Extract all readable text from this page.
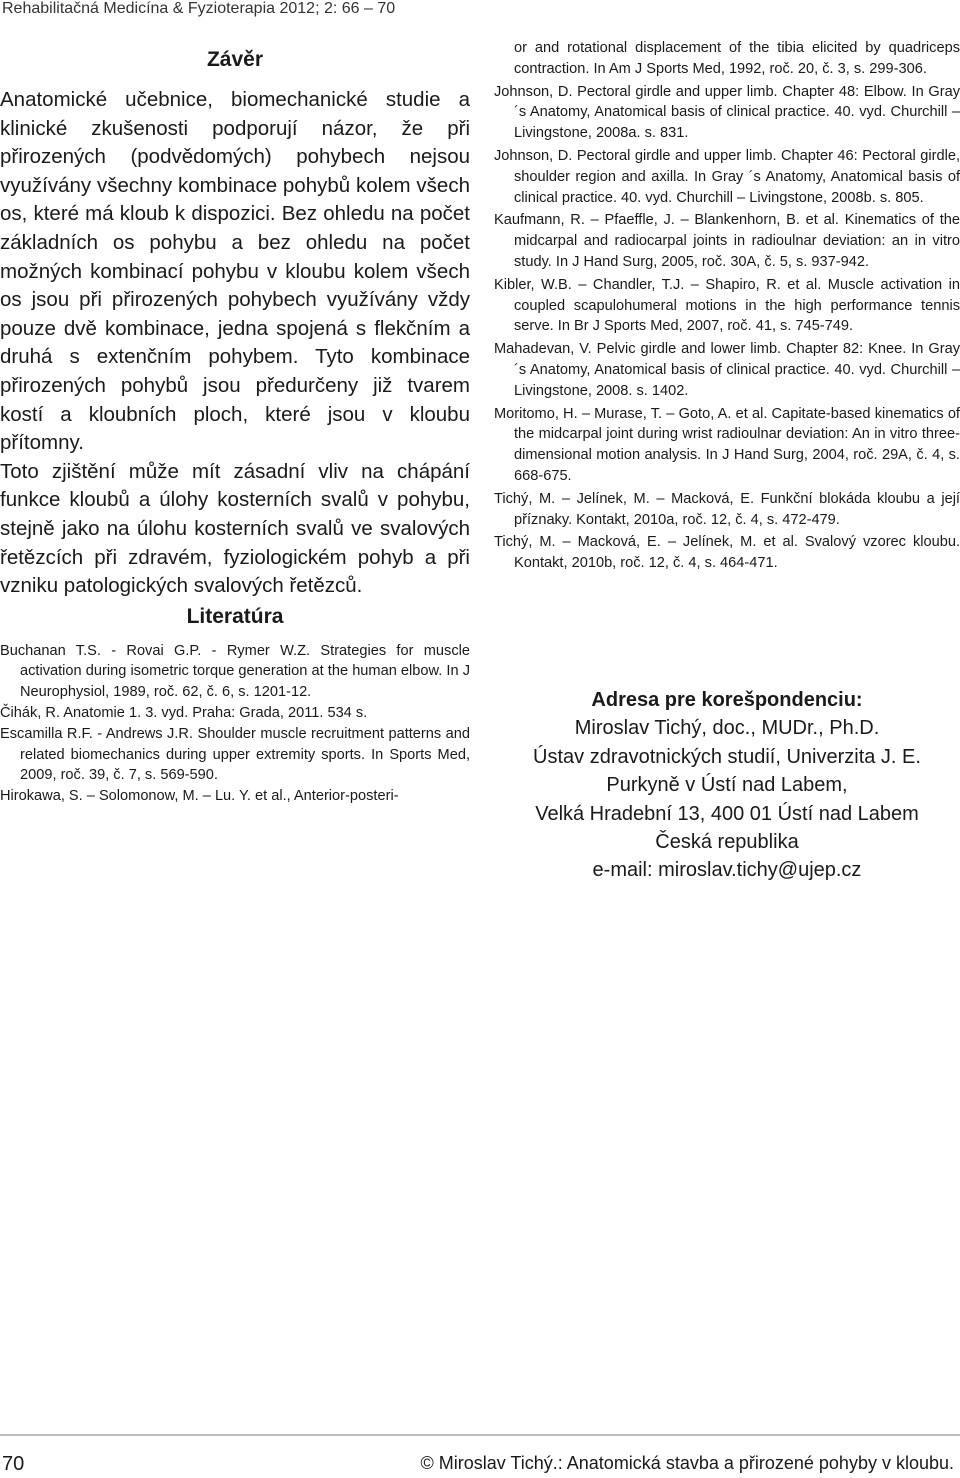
Rehabilitačná Medicína & Fyzioterapia 2012; 2: 66 – 70
Závěr

Anatomické učebnice, biomechanické studie a klinické zkušenosti podporují názor, že při přirozených (podvědomých) pohybech nejsou využívány všechny kombinace pohybů kolem všech os, které má kloub k dispozici. Bez ohledu na počet základních os pohybu a bez ohledu na počet možných kombinací pohybu v kloubu kolem všech os jsou při přirozených pohybech využívány vždy pouze dvě kombinace, jedna spojená s flekčním a druhá s extenčním pohybem. Tyto kombinace přirozených pohybů jsou předurčeny již tvarem kostí a kloubních ploch, které jsou v kloubu přítomny.

Toto zjištění může mít zásadní vliv na chápání funkce kloubů a úlohy kosterních svalů v pohybu, stejně jako na úlohu kosterních svalů ve svalových řetězcích při zdravém, fyziologickém pohyb a při vzniku patologických svalových řetězců.

Literatúra

Buchanan T.S. - Rovai G.P. - Rymer W.Z. Strategies for muscle activation during isometric torque generation at the human elbow. In J Neurophysiol, 1989, roč. 62, č. 6, s. 1201-12.

Čihák, R. Anatomie 1. 3. vyd. Praha: Grada, 2011. 534 s.

Escamilla R.F. - Andrews J.R. Shoulder muscle recruitment patterns and related biomechanics during upper extremity sports. In Sports Med, 2009, roč. 39, č. 7, s. 569-590.

Hirokawa, S. – Solomonow, M. – Lu. Y. et al., Anterior-posteri-

or and rotational displacement of the tibia elicited by quadriceps contraction. In Am J Sports Med, 1992, roč. 20, č. 3, s. 299-306.

Johnson, D. Pectoral girdle and upper limb. Chapter 48: Elbow. In Gray ´s Anatomy, Anatomical basis of clinical practice. 40. vyd. Churchill – Livingstone, 2008a. s. 831.

Johnson, D. Pectoral girdle and upper limb. Chapter 46: Pectoral girdle, shoulder region and axilla. In Gray ´s Anatomy, Anatomical basis of clinical practice. 40. vyd. Churchill – Livingstone, 2008b. s. 805.

Kaufmann, R. – Pfaeffle, J. – Blankenhorn, B. et al. Kinematics of the midcarpal and radiocarpal joints in radioulnar deviation: an in vitro study. In J Hand Surg, 2005, roč. 30A, č. 5, s. 937-942.

Kibler, W.B. – Chandler, T.J. – Shapiro, R. et al. Muscle activation in coupled scapulohumeral motions in the high performance tennis serve. In Br J Sports Med, 2007, roč. 41, s. 745-749.

Mahadevan, V. Pelvic girdle and lower limb. Chapter 82: Knee. In Gray ´s Anatomy, Anatomical basis of clinical practice. 40. vyd. Churchill – Livingstone, 2008. s. 1402.

Moritomo, H. – Murase, T. – Goto, A. et al. Capitate-based kinematics of the midcarpal joint during wrist radioulnar deviation: An in vitro three-dimensional motion analysis. In J Hand Surg, 2004, roč. 29A, č. 4, s. 668-675.

Tichý, M. – Jelínek, M. – Macková, E. Funkční blokáda kloubu a její příznaky. Kontakt, 2010a, roč. 12, č. 4, s. 472-479.

Tichý, M. – Macková, E. – Jelínek, M. et al. Svalový vzorec kloubu. Kontakt, 2010b, roč. 12, č. 4, s. 464-471.

Adresa pre korešpondenciu:
Miroslav Tichý, doc., MUDr., Ph.D.
Ústav zdravotnických studií, Univerzita J. E. Purkyně v Ústí nad Labem,
Velká Hradební 13, 400 01 Ústí nad Labem
Česká republika
e-mail: miroslav.tichy@ujep.cz
70	© Miroslav Tichý.: Anatomická stavba a přirozené pohyby v kloubu.
